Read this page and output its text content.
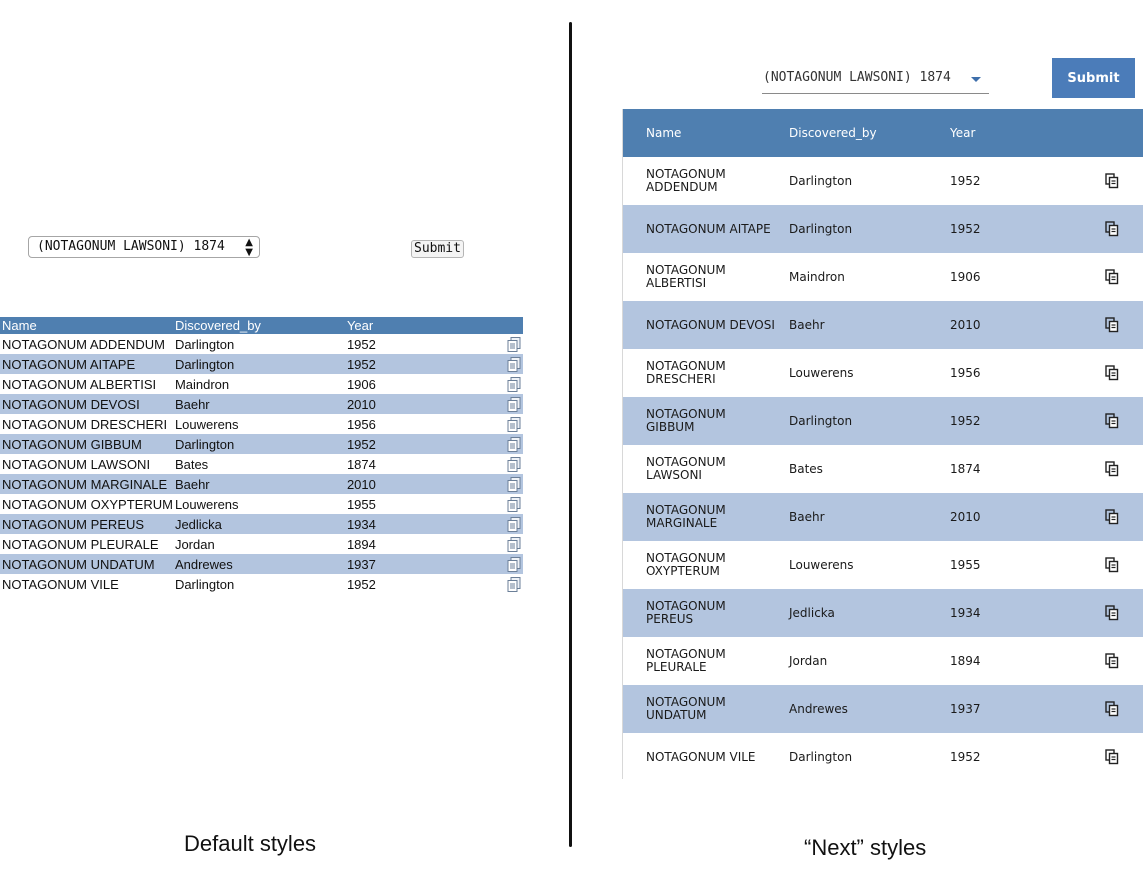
(NOTAGONUM LAWSONI) 1874 ▲
▼	Submit
Name	Discovered_by	Year	
NOTAGONUM ADDENDUM	Darlington	1952	
NOTAGONUM AITAPE	Darlington	1952	
NOTAGONUM ALBERTISI	Maindron	1906	
NOTAGONUM DEVOSI	Baehr	2010	
NOTAGONUM DRESCHERI	Louwerens	1956	
NOTAGONUM GIBBUM	Darlington	1952	
NOTAGONUM LAWSONI	Bates	1874	
NOTAGONUM MARGINALE	Baehr	2010	
NOTAGONUM OXYPTERUM	Louwerens	1955	
NOTAGONUM PEREUS	Jedlicka	1934	
NOTAGONUM PLEURALE	Jordan	1894	
NOTAGONUM UNDATUM	Andrewes	1937	
NOTAGONUM VILE	Darlington	1952	
Default styles
(NOTAGONUM LAWSONI) 1874	Submit
Name	Discovered_by	Year	

NOTAGONUM
ADDENDUM	Darlington	1952	

NOTAGONUM AITAPE	Darlington	1952	

NOTAGONUM
ALBERTISI	Maindron	1906	

NOTAGONUM DEVOSI	Baehr	2010	

NOTAGONUM
DRESCHERI	Louwerens	1956	

NOTAGONUM GIBBUM	Darlington	1952	

NOTAGONUM
LAWSONI	Bates	1874	

NOTAGONUM
MARGINALE	Baehr	2010	

NOTAGONUM
OXYPTERUM	Louwerens	1955	

NOTAGONUM PEREUS	Jedlicka	1934	

NOTAGONUM
PLEURALE	Jordan	1894	

NOTAGONUM
UNDATUM	Andrewes	1937	

NOTAGONUM VILE	Darlington	1952	
“Next” styles
